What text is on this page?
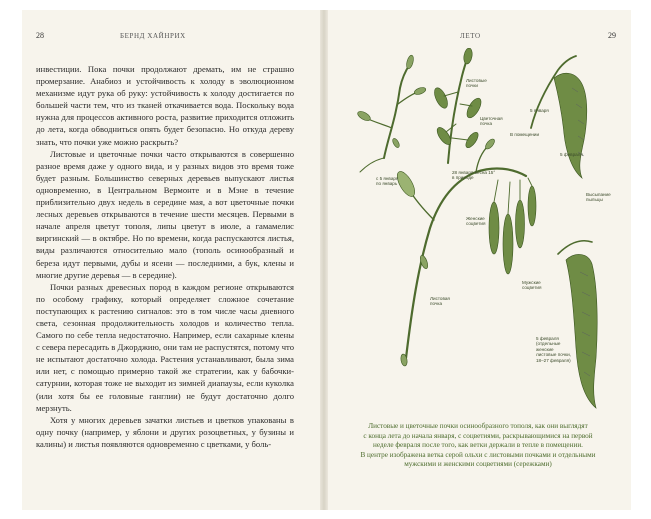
28	БЕРНД ХАЙНРИХ

инвестиции. Пока почки продолжают дремать, им не страшно промерзание. Анабиоз и устойчивость к холоду в эволюционном механизме идут рука об руку: устойчивость к холоду достигается по большей части тем, что из тканей откачивается вода. Поскольку вода нужна для процессов активного роста, развитие приходится отложить до лета, когда обводниться опять будет безопасно. Но откуда дереву знать, что почки уже можно раскрыть?

Листовые и цветочные почки часто открываются в совершенно разное время даже у одного вида, и у разных видов это время тоже будет разным. Большинство северных деревьев выпускают листья одновременно, в Центральном Вермонте и в Мэне в течение приблизительно двух недель в середине мая, а вот цветочные почки лесных деревьев открываются в течение шести месяцев. Первыми в начале апреля цветут тополя, липы цветут в июле, а гамамелис виргинский — в октябре. Но по времени, когда распускаются листья, виды различаются относительно мало (тополь осинообразный и береза идут первыми, дубы и ясени — последними, а бук, клены и многие другие деревья — в середине).

Почки разных древесных пород в каждом регионе открываются по особому графику, который определяет сложное сочетание поступающих к растению сигналов: это в том числе часы дневного света, сезонная продолжительность холодов и количество тепла. Самого по себе тепла недостаточно. Например, если сахарные клены с севера пересадить в Джорджию, они там не распустятся, потому что не испытают достаточно холода. Растения устанавливают, была зима или нет, с помощью примерно такой же стратегии, как у бабочки-сатурнии, которая тоже не выходит из зимней диапаузы, если куколка (или хотя бы ее головные ганглии) не будут достаточно долго мерзнуть.

Хотя у многих деревьев зачатки листьев и цветков упакованы в одну почку (например, у яблони и других розоцветных, у бузины и калины) и листья появляются одновременно с цветками, у боль-

ЛЕТО	29
Листовые
почки
Цветочная
почка
5 января
В помещении
с 5 января
по январь
28 января весна 15°
в природе
5 февраля
Высыпание
пыльцы
Женские
соцветия
Мужские
соцветия
Листовая
почка
5 февраля
(отдельные
женские
листовые почки,
18–27 февраля)
Листовые и цветочные почки осинообразного тополя, как они выглядят
с конца лета до начала января, с соцветиями, раскрывающимися на первой
неделе февраля после того, как ветки держали в тепле в помещении.
В центре изображена ветка серой ольхи с листовыми почками и отдельными
мужскими и женскими соцветиями (сережками)
